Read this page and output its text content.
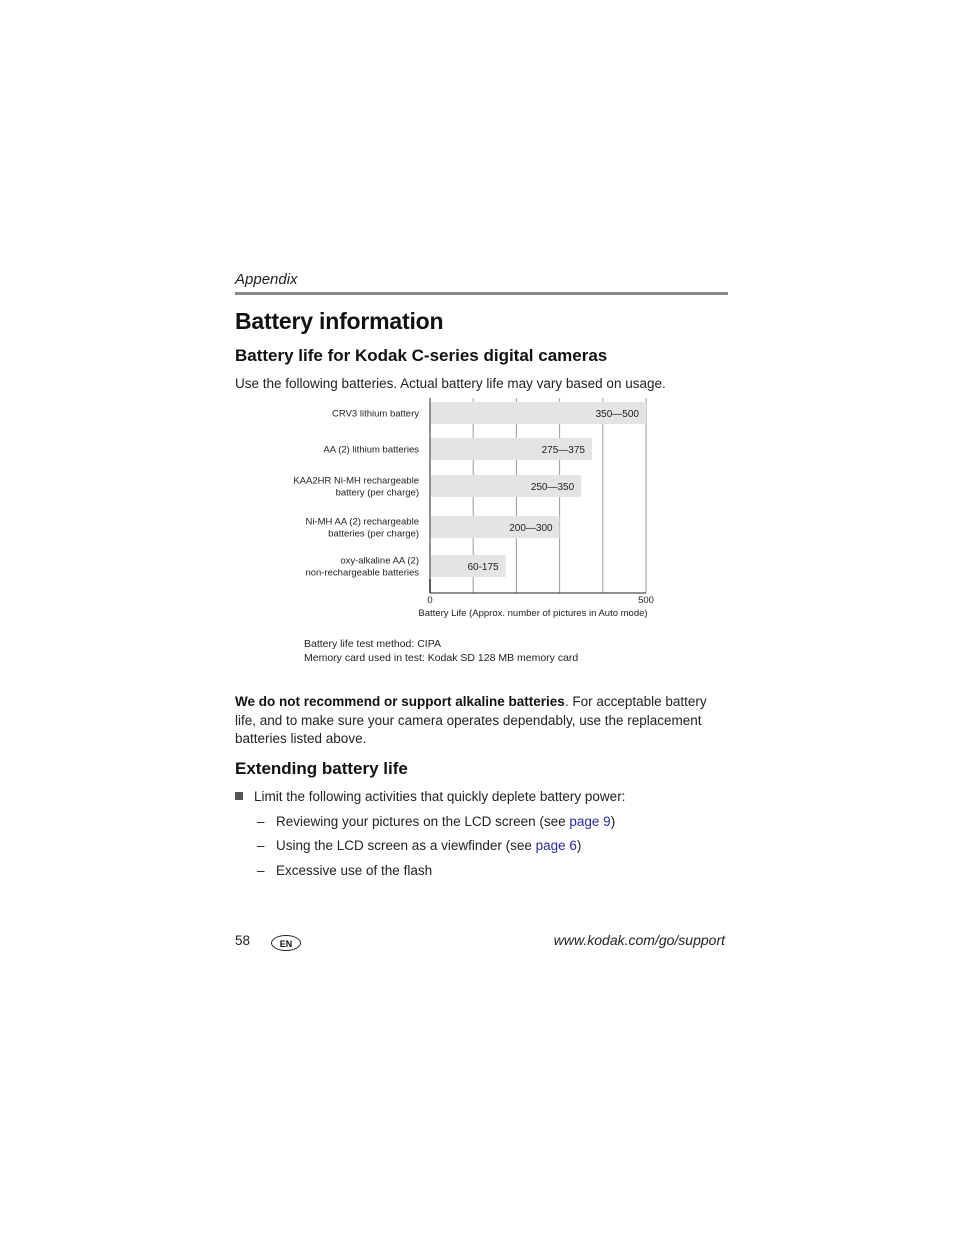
Appendix
Battery information
Battery life for Kodak C-series digital cameras
Use the following batteries. Actual battery life may vary based on usage.
350—500
275—375
250—350
200—300
60-175
CRV3 lithium battery
AA (2) lithium batteries
KAA2HR Ni-MH rechargeable
battery (per charge)
Ni-MH AA (2) rechargeable
batteries (per charge)
oxy-alkaline AA (2)
non-rechargeable batteries
0	500
Battery Life (Approx. number of pictures in Auto mode)
Battery life test method: CIPA
Memory card used in test: Kodak SD 128 MB memory card
We do not recommend or support alkaline batteries. For acceptable battery life, and to make sure your camera operates dependably, use the replacement batteries listed above.
Extending battery life
Limit the following activities that quickly deplete battery power:
– Reviewing your pictures on the LCD screen (see page 9)
– Using the LCD screen as a viewfinder (see page 6)
– Excessive use of the flash
58	EN	www.kodak.com/go/support
